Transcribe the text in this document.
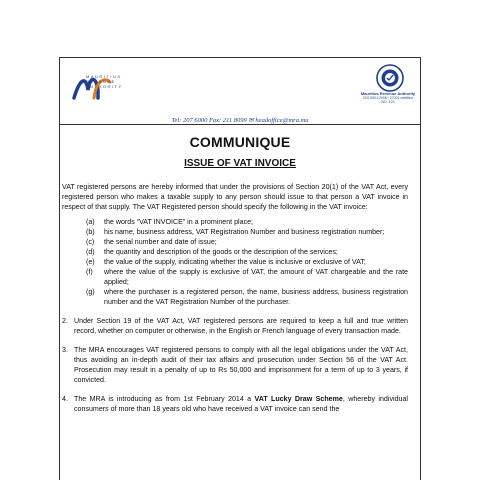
MAURITIUS
REVENUE
AUTHORITY
Mauritius Revenue Authority
ISO 9001:2008 / 27001 certified
NO. 123
Tel: 207 6000 Fax: 211 8099 ✉ headoffice@mra.mu
COMMUNIQUE
ISSUE OF VAT INVOICE

VAT registered persons are hereby informed that under the provisions of Section 20(1) of the VAT Act, every registered person who makes a taxable supply to any person should issue to that person a VAT invoice in respect of that supply. The VAT Registered person should specify the following in the VAT invoice:

(a)	the words “VAT INVOICE” in a prominent place;
(b)	his name, business address, VAT Registration Number and business registration number;
(c)	the serial number and date of issue;
(d)	the quantity and description of the goods or the description of the services;
(e)	the value of the supply, indicating whether the value is inclusive or exclusive of VAT;
(f)	where the value of the supply is exclusive of VAT, the amount of VAT chargeable and the rate applied;
(g)	where the purchaser is a registered person, the name, business address, business registration number and the VAT Registration Number of the purchaser.
2. Under Section 19 of the VAT Act, VAT registered persons are required to keep a full and true written record, whether on computer or otherwise, in the English or French language of every transaction made.
3. The MRA encourages VAT registered persons to comply with all the legal obligations under the VAT Act, thus avoiding an in-depth audit of their tax affairs and prosecution under Section 56 of the VAT Act. Prosecution may result in a penalty of up to Rs 50,000 and imprisonment for a term of up to 3 years, if convicted.
4. The MRA is introducing as from 1st February 2014 a VAT Lucky Draw Scheme, whereby individual consumers of more than 18 years old who have received a VAT invoice can send the
